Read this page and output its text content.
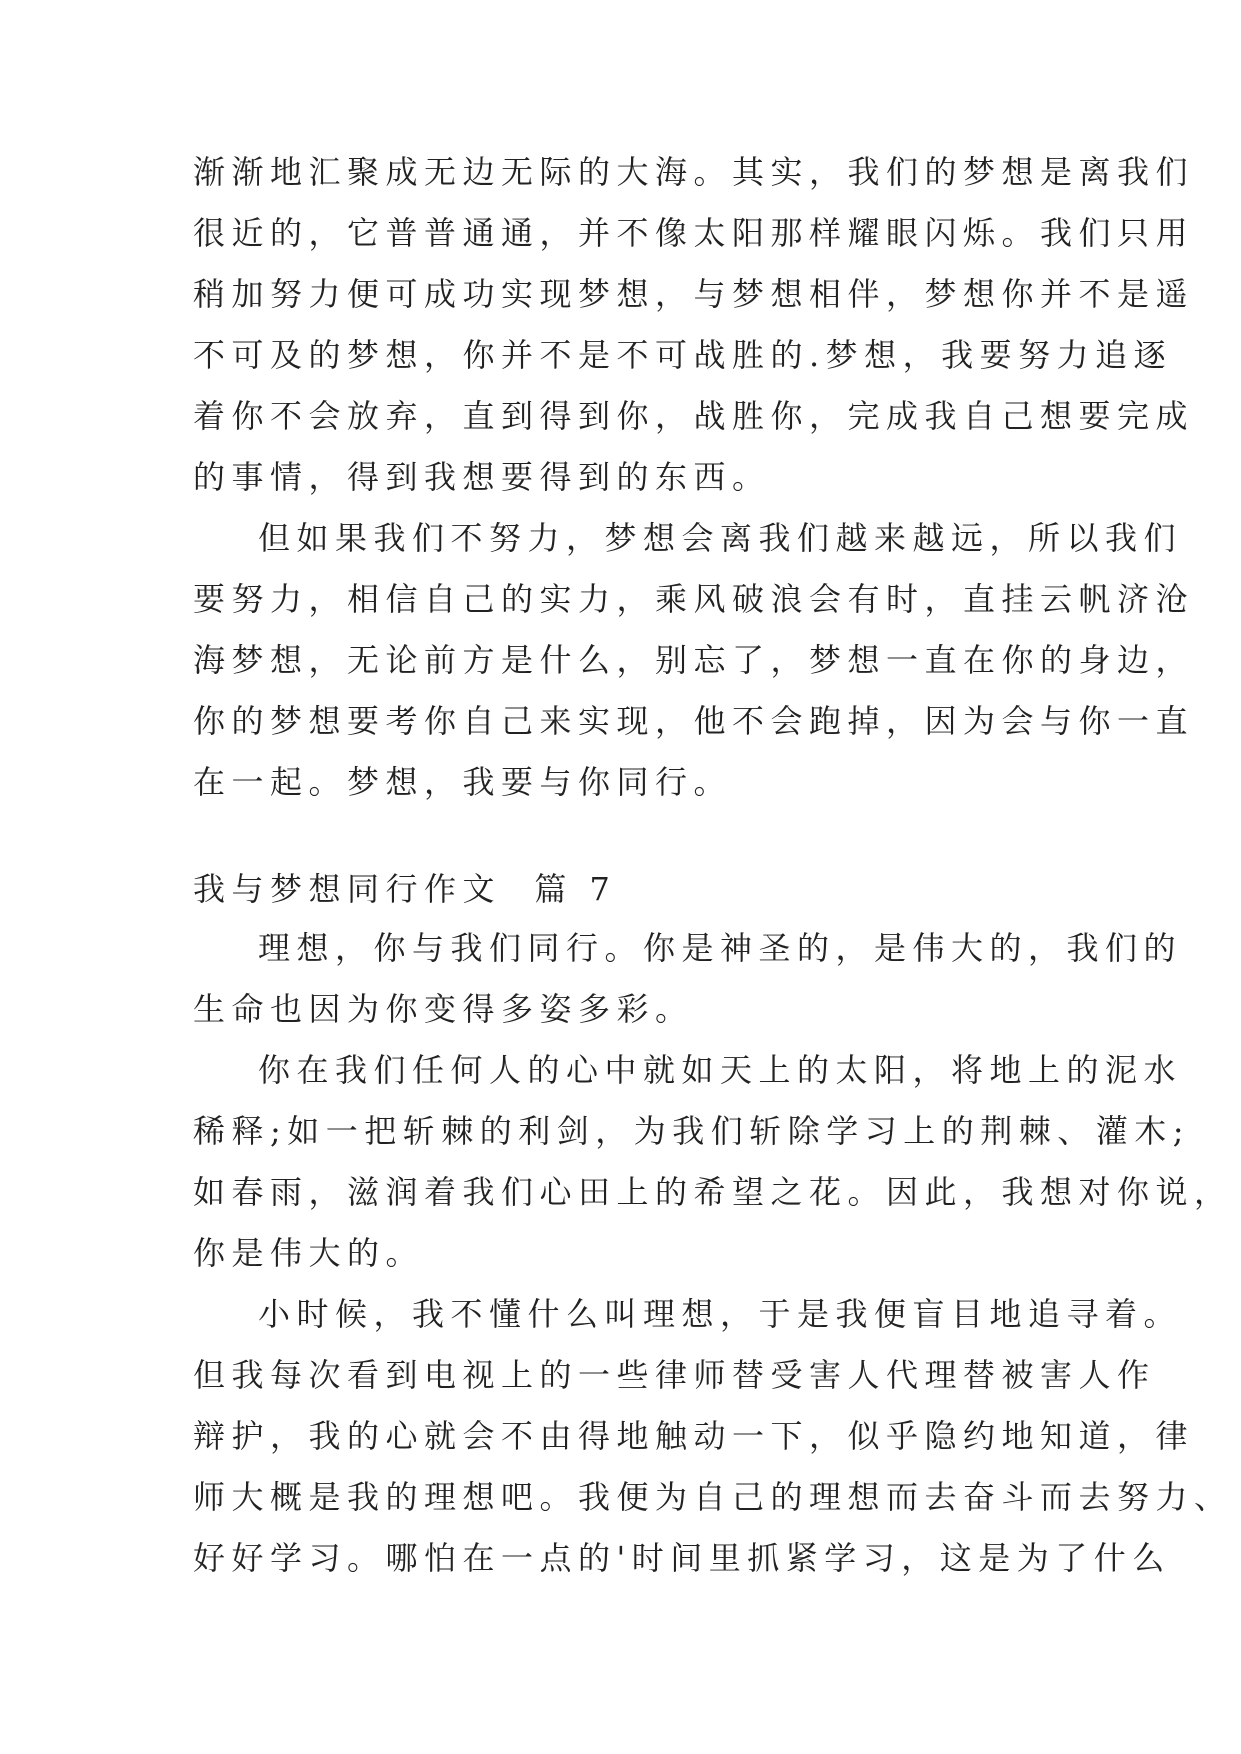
渐渐地汇聚成无边无际的大海。其实，我们的梦想是离我们
很近的，它普普通通，并不像太阳那样耀眼闪烁。我们只用
稍加努力便可成功实现梦想，与梦想相伴，梦想你并不是遥
不可及的梦想，你并不是不可战胜的.梦想，我要努力追逐
着你不会放弃，直到得到你，战胜你，完成我自己想要完成
的事情，得到我想要得到的东西。
但如果我们不努力，梦想会离我们越来越远，所以我们
要努力，相信自己的实力，乘风破浪会有时，直挂云帆济沧
海梦想，无论前方是什么，别忘了，梦想一直在你的身边，
你的梦想要考你自己来实现，他不会跑掉，因为会与你一直
在一起。梦想，我要与你同行。
我与梦想同行作文  篇 7
理想，你与我们同行。你是神圣的，是伟大的，我们的
生命也因为你变得多姿多彩。
你在我们任何人的心中就如天上的太阳，将地上的泥水
稀释;如一把斩棘的利剑，为我们斩除学习上的荆棘、灌木;
如春雨，滋润着我们心田上的希望之花。因此，我想对你说，
你是伟大的。
小时候，我不懂什么叫理想，于是我便盲目地追寻着。
但我每次看到电视上的一些律师替受害人代理替被害人作
辩护，我的心就会不由得地触动一下，似乎隐约地知道，律
师大概是我的理想吧。我便为自己的理想而去奋斗而去努力、
好好学习。哪怕在一点的'时间里抓紧学习，这是为了什么
